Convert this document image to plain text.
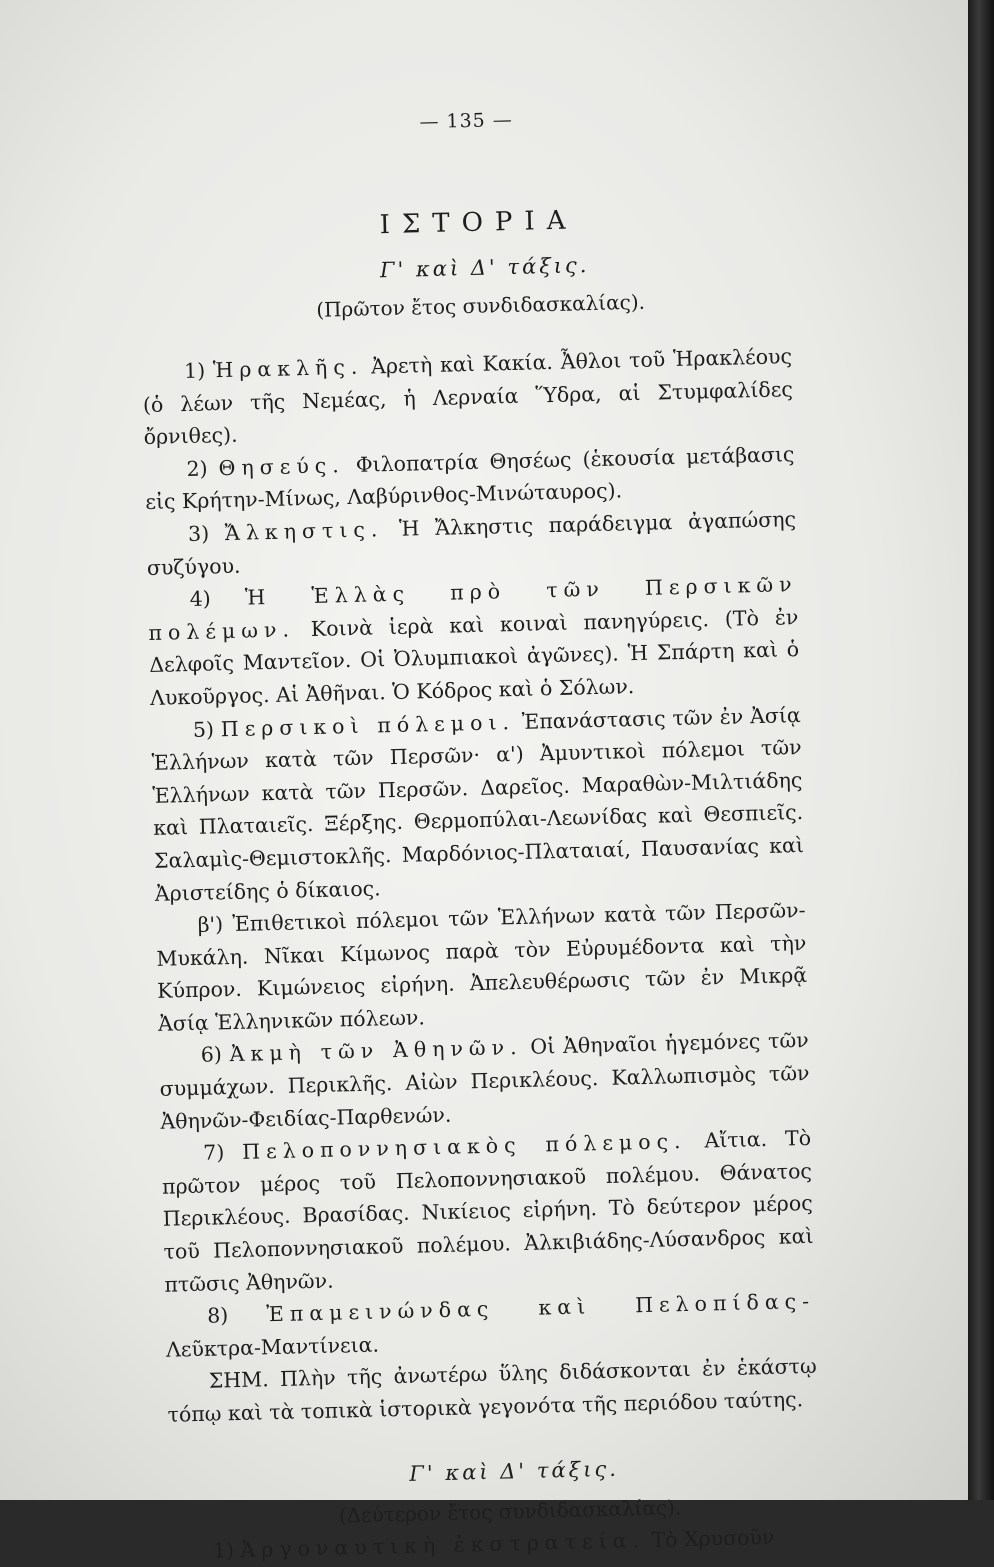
— 135 —
ΙΣΤΟΡΙΑ
Γ' καὶ Δ' τάξις.
(Πρῶτον ἔτος συνδιδασκαλίας).

1) Ἡρακλῆς. Ἀρετὴ καὶ Κακία. Ἆθλοι τοῦ Ἡρακλέους (ὁ λέων τῆς Νεμέας, ἡ Λερναία Ὕδρα, αἱ Στυμφαλίδες ὄρνιθες).

2) Θησεύς. Φιλοπατρία Θησέως (ἑκουσία μετάβασις εἰς Κρήτην-Μίνως, Λαβύρινθος-Μινώταυρος).

3) Ἄλκηστις. Ἡ Ἄλκηστις παράδειγμα ἀγαπώσης συζύγου.

4) Ἡ Ἑλλὰς πρὸ τῶν Περσικῶν πολέμων. Κοινὰ ἱερὰ καὶ κοιναὶ πανηγύρεις. (Τὸ ἐν Δελφοῖς Μαντεῖον. Οἱ Ὀλυμπιακοὶ ἀγῶνες). Ἡ Σπάρτη καὶ ὁ Λυκοῦργος. Αἱ Ἀθῆναι. Ὁ Κόδρος καὶ ὁ Σόλων.

5) Περσικοὶ πόλεμοι. Ἐπανάστασις τῶν ἐν Ἀσίᾳ Ἑλλήνων κατὰ τῶν Περσῶν· α') Ἀμυντικοὶ πόλεμοι τῶν Ἑλλήνων κατὰ τῶν Περσῶν. Δαρεῖος. Μαραθὼν-Μιλτιάδης καὶ Πλαταιεῖς. Ξέρξης. Θερμοπύλαι-Λεωνίδας καὶ Θεσπιεῖς. Σαλαμὶς-Θεμιστοκλῆς. Μαρδόνιος-Πλαταιαί, Παυσανίας καὶ Ἀριστείδης ὁ δίκαιος.

β') Ἐπιθετικοὶ πόλεμοι τῶν Ἑλλήνων κατὰ τῶν Περσῶν-Μυκάλη. Νῖκαι Κίμωνος παρὰ τὸν Εὐρυμέδοντα καὶ τὴν Κύπρον. Κιμώνειος εἰρήνη. Ἀπελευθέρωσις τῶν ἐν Μικρᾷ Ἀσίᾳ Ἑλληνικῶν πόλεων.

6) Ἀκμὴ τῶν Ἀθηνῶν. Οἱ Ἀθηναῖοι ἡγεμόνες τῶν συμμάχων. Περικλῆς. Αἰὼν Περικλέους. Καλλωπισμὸς τῶν Ἀθηνῶν-Φειδίας-Παρθενών.

7) Πελοποννησιακὸς πόλεμος. Αἴτια. Τὸ πρῶτον μέρος τοῦ Πελοποννησιακοῦ πολέμου. Θάνατος Περικλέους. Βρασίδας. Νικίειος εἰρήνη. Τὸ δεύτερον μέρος τοῦ Πελοποννησιακοῦ πολέμου. Ἀλκιβιάδης-Λύσανδρος καὶ πτῶσις Ἀθηνῶν.

8) Ἐπαμεινώνδας καὶ Πελοπίδας-Λεῦκτρα-Μαντίνεια.

ΣΗΜ. Πλὴν τῆς ἀνωτέρω ὕλης διδάσκονται ἐν ἑκάστῳ τόπῳ καὶ τὰ τοπικὰ ἱστορικὰ γεγονότα τῆς περιόδου ταύτης.

Γ' καὶ Δ' τάξις.
(Δεύτερον ἔτος συνδιδασκαλίας).

1) Ἀργοναυτικὴ ἐκστρατεία. Τὸ Χρυσοῦν
